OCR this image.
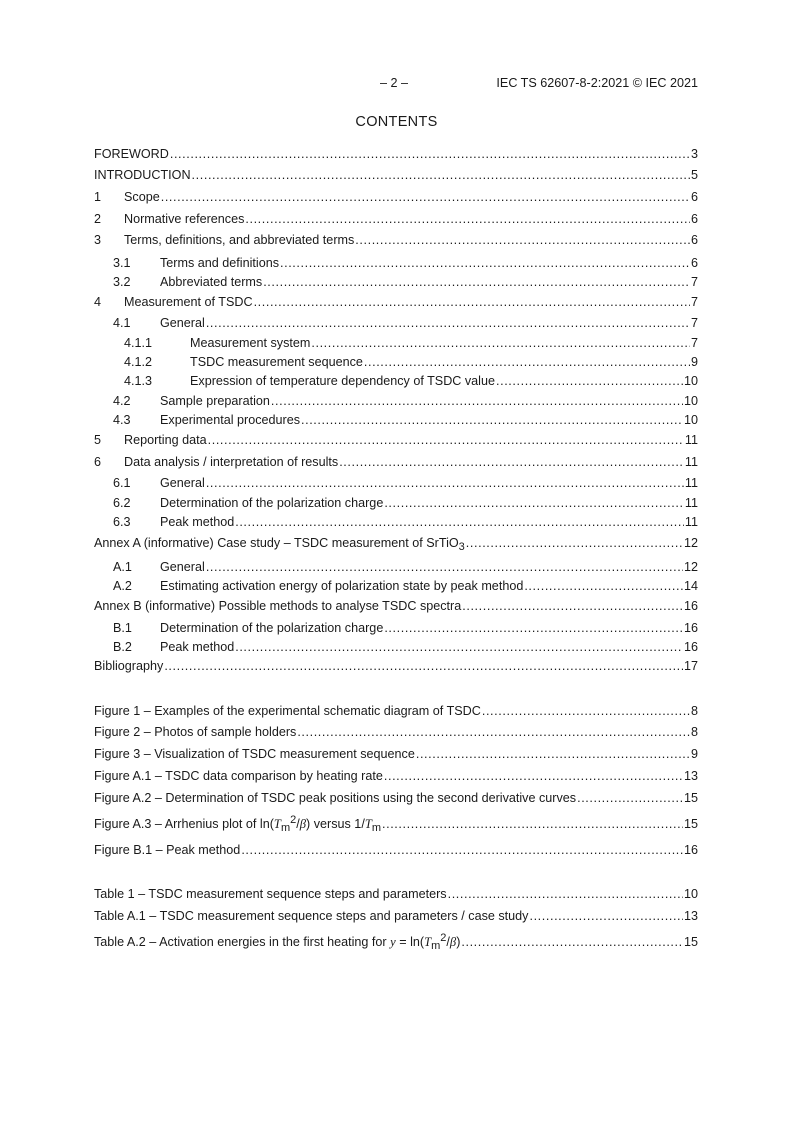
– 2 –	IEC TS 62607-8-2:2021 © IEC 2021
CONTENTS
FOREWORD .....	3
INTRODUCTION .....	5
1	Scope .....	6
2	Normative references .....	6
3	Terms, definitions, and abbreviated terms .....	6
3.1	Terms and definitions .....	6
3.2	Abbreviated terms .....	7
4	Measurement of TSDC .....	7
4.1	General .....	7
4.1.1	Measurement system .....	7
4.1.2	TSDC measurement sequence .....	9
4.1.3	Expression of temperature dependency of TSDC value .....	10
4.2	Sample preparation .....	10
4.3	Experimental procedures .....	10
5	Reporting data .....	11
6	Data analysis / interpretation of results .....	11
6.1	General .....	11
6.2	Determination of the polarization charge .....	11
6.3	Peak method .....	11
Annex A (informative) Case study – TSDC measurement of SrTiO$_3$ .....	12
A.1	General .....	12
A.2	Estimating activation energy of polarization state by peak method .....	14
Annex B (informative) Possible methods to analyse TSDC spectra .....	16
B.1	Determination of the polarization charge .....	16
B.2	Peak method .....	16
Bibliography .....	17
Figure 1 – Examples of the experimental schematic diagram of TSDC .....	8
Figure 2 – Photos of sample holders .....	8
Figure 3 – Visualization of TSDC measurement sequence .....	9
Figure A.1 – TSDC data comparison by heating rate .....	13
Figure A.2 – Determination of TSDC peak positions using the second derivative curves .....	15
Figure A.3 – Arrhenius plot of $\ln(T_m^2/\beta)$ versus $1/T_m$ .....	15
Figure B.1 – Peak method .....	16
Table 1 – TSDC measurement sequence steps and parameters .....	10
Table A.1 – TSDC measurement sequence steps and parameters / case study .....	13
Table A.2 – Activation energies in the first heating for $y = \ln(T_m^2/\beta)$ .....	15
